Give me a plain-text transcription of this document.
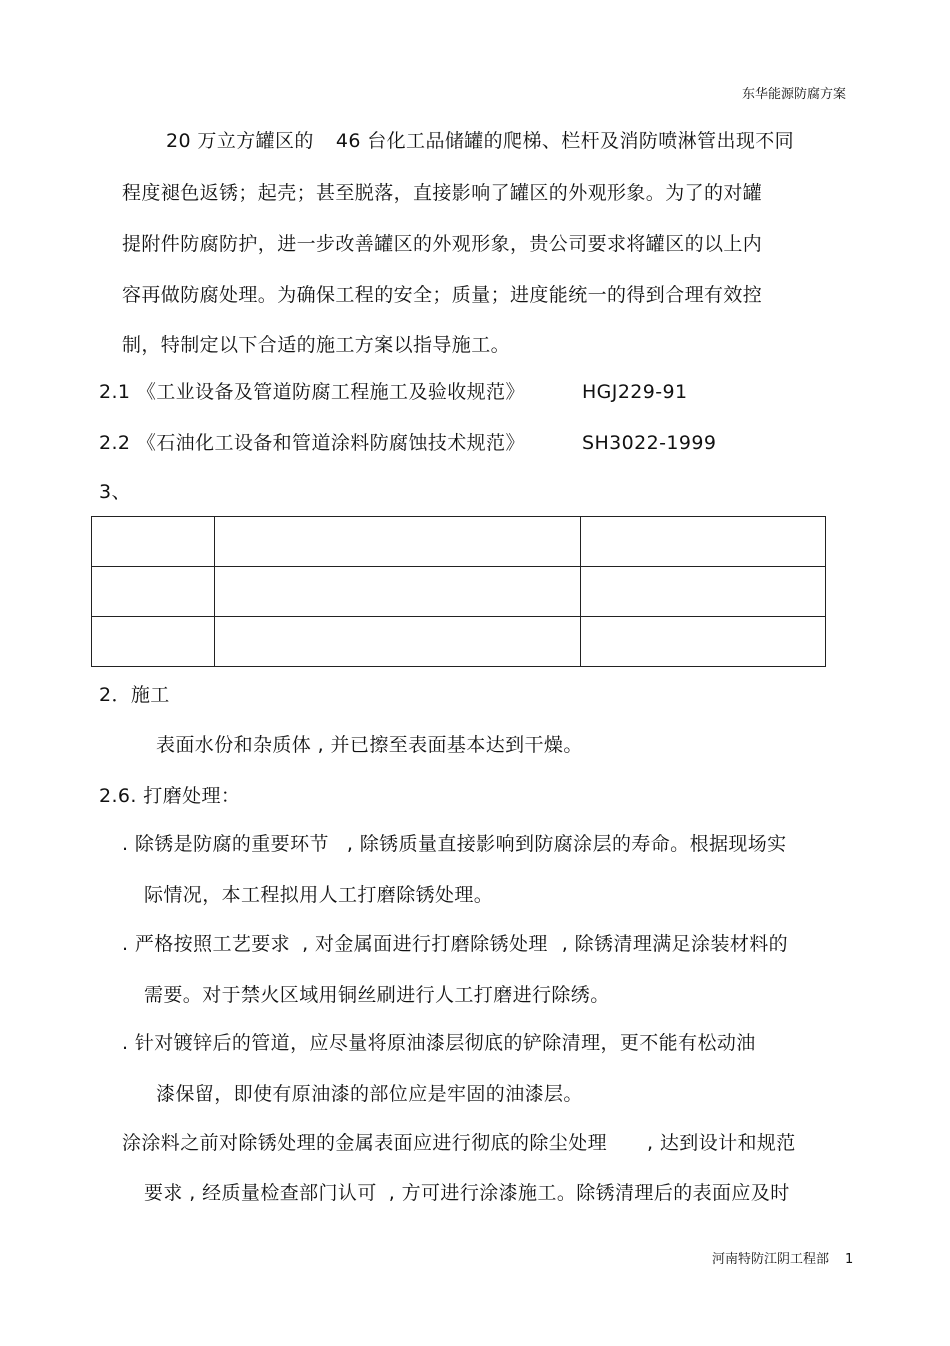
东华能源防腐方案
20 万立方罐区的 46 台化工品储罐的爬梯、栏杆及消防喷淋管出现不同
程度褪色返锈；起壳；甚至脱落，直接影响了罐区的外观形象。为了的对罐
提附件防腐防护，进一步改善罐区的外观形象，贵公司要求将罐区的以上内
容再做防腐处理。为确保工程的安全；质量；进度能统一的得到合理有效控
制，特制定以下合适的施工方案以指导施工。
2.1 《工业设备及管道防腐工程施工及验收规范》	HGJ229-91
2.2 《石油化工设备和管道涂料防腐蚀技术规范》	SH3022-1999
3、

2．施工
表面水份和杂质体 , 并已擦至表面基本达到干燥。
2.6. 打磨处理：
. 除锈是防腐的重要环节 , 除锈质量直接影响到防腐涂层的寿命。根据现场实
际情况，本工程拟用人工打磨除锈处理。
. 严格按照工艺要求 , 对金属面进行打磨除锈处理 , 除锈清理满足涂装材料的
需要。对于禁火区域用铜丝刷进行人工打磨进行除绣。
. 针对镀锌后的管道，应尽量将原油漆层彻底的铲除清理，更不能有松动油
漆保留，即使有原油漆的部位应是牢固的油漆层。
涂涂料之前对除锈处理的金属表面应进行彻底的除尘处理 , 达到设计和规范
要求 , 经质量检查部门认可 , 方可进行涂漆施工。除锈清理后的表面应及时
河南特防江阴工程部 1
